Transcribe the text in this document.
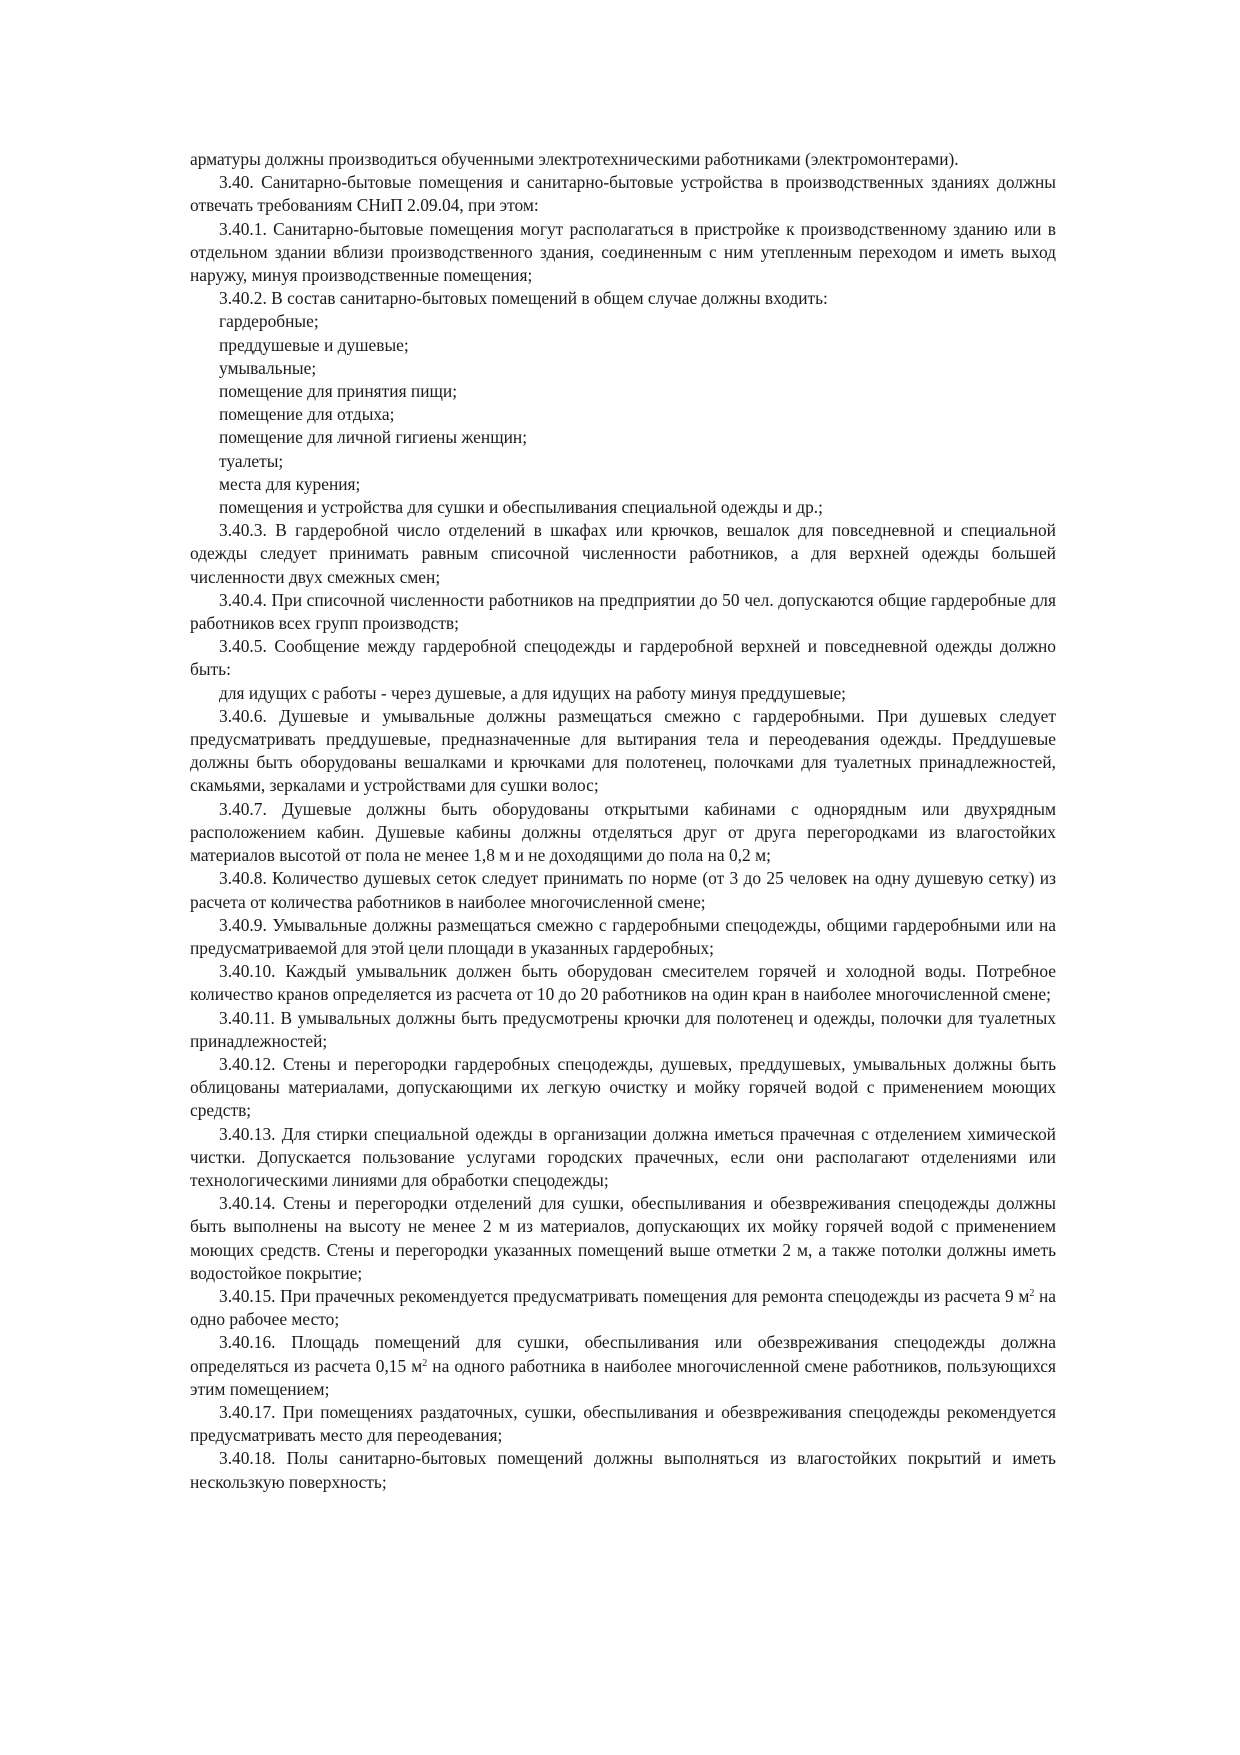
арматуры должны производиться обученными электротехническими работниками (электромонтерами).

3.40. Санитарно-бытовые помещения и санитарно-бытовые устройства в производственных зданиях должны отвечать требованиям СНиП 2.09.04, при этом:

3.40.1. Санитарно-бытовые помещения могут располагаться в пристройке к производственному зданию или в отдельном здании вблизи производственного здания, соединенным с ним утепленным переходом и иметь выход наружу, минуя производственные помещения;

3.40.2. В состав санитарно-бытовых помещений в общем случае должны входить:

гардеробные;

преддушевые и душевые;

умывальные;

помещение для принятия пищи;

помещение для отдыха;

помещение для личной гигиены женщин;

туалеты;

места для курения;

помещения и устройства для сушки и обеспыливания специальной одежды и др.;

3.40.3. В гардеробной число отделений в шкафах или крючков, вешалок для повседневной и специальной одежды следует принимать равным списочной численности работников, а для верхней одежды большей численности двух смежных смен;

3.40.4. При списочной численности работников на предприятии до 50 чел. допускаются общие гардеробные для работников всех групп производств;

3.40.5. Сообщение между гардеробной спецодежды и гардеробной верхней и повседневной одежды должно быть:

для идущих с работы - через душевые, а для идущих на работу минуя преддушевые;

3.40.6. Душевые и умывальные должны размещаться смежно с гардеробными. При душевых следует предусматривать преддушевые, предназначенные для вытирания тела и переодевания одежды. Преддушевые должны быть оборудованы вешалками и крючками для полотенец, полочками для туалетных принадлежностей, скамьями, зеркалами и устройствами для сушки волос;

3.40.7. Душевые должны быть оборудованы открытыми кабинами с однорядным или двухрядным расположением кабин. Душевые кабины должны отделяться друг от друга перегородками из влагостойких материалов высотой от пола не менее 1,8 м и не доходящими до пола на 0,2 м;

3.40.8. Количество душевых сеток следует принимать по норме (от 3 до 25 человек на одну душевую сетку) из расчета от количества работников в наиболее многочисленной смене;

3.40.9. Умывальные должны размещаться смежно с гардеробными спецодежды, общими гардеробными или на предусматриваемой для этой цели площади в указанных гардеробных;

3.40.10. Каждый умывальник должен быть оборудован смесителем горячей и холодной воды. Потребное количество кранов определяется из расчета от 10 до 20 работников на один кран в наиболее многочисленной смене;

3.40.11. В умывальных должны быть предусмотрены крючки для полотенец и одежды, полочки для туалетных принадлежностей;

3.40.12. Стены и перегородки гардеробных спецодежды, душевых, преддушевых, умывальных должны быть облицованы материалами, допускающими их легкую очистку и мойку горячей водой с применением моющих средств;

3.40.13. Для стирки специальной одежды в организации должна иметься прачечная с отделением химической чистки. Допускается пользование услугами городских прачечных, если они располагают отделениями или технологическими линиями для обработки спецодежды;

3.40.14. Стены и перегородки отделений для сушки, обеспыливания и обезвреживания спецодежды должны быть выполнены на высоту не менее 2 м из материалов, допускающих их мойку горячей водой с применением моющих средств. Стены и перегородки указанных помещений выше отметки 2 м, а также потолки должны иметь водостойкое покрытие;

3.40.15. При прачечных рекомендуется предусматривать помещения для ремонта спецодежды из расчета 9 $м^2$ на одно рабочее место;

3.40.16. Площадь помещений для сушки, обеспыливания или обезвреживания спецодежды должна определяться из расчета 0,15 $м^2$ на одного работника в наиболее многочисленной смене работников, пользующихся этим помещением;

3.40.17. При помещениях раздаточных, сушки, обеспыливания и обезвреживания спецодежды рекомендуется предусматривать место для переодевания;

3.40.18. Полы санитарно-бытовых помещений должны выполняться из влагостойких покрытий и иметь нескользкую поверхность;
